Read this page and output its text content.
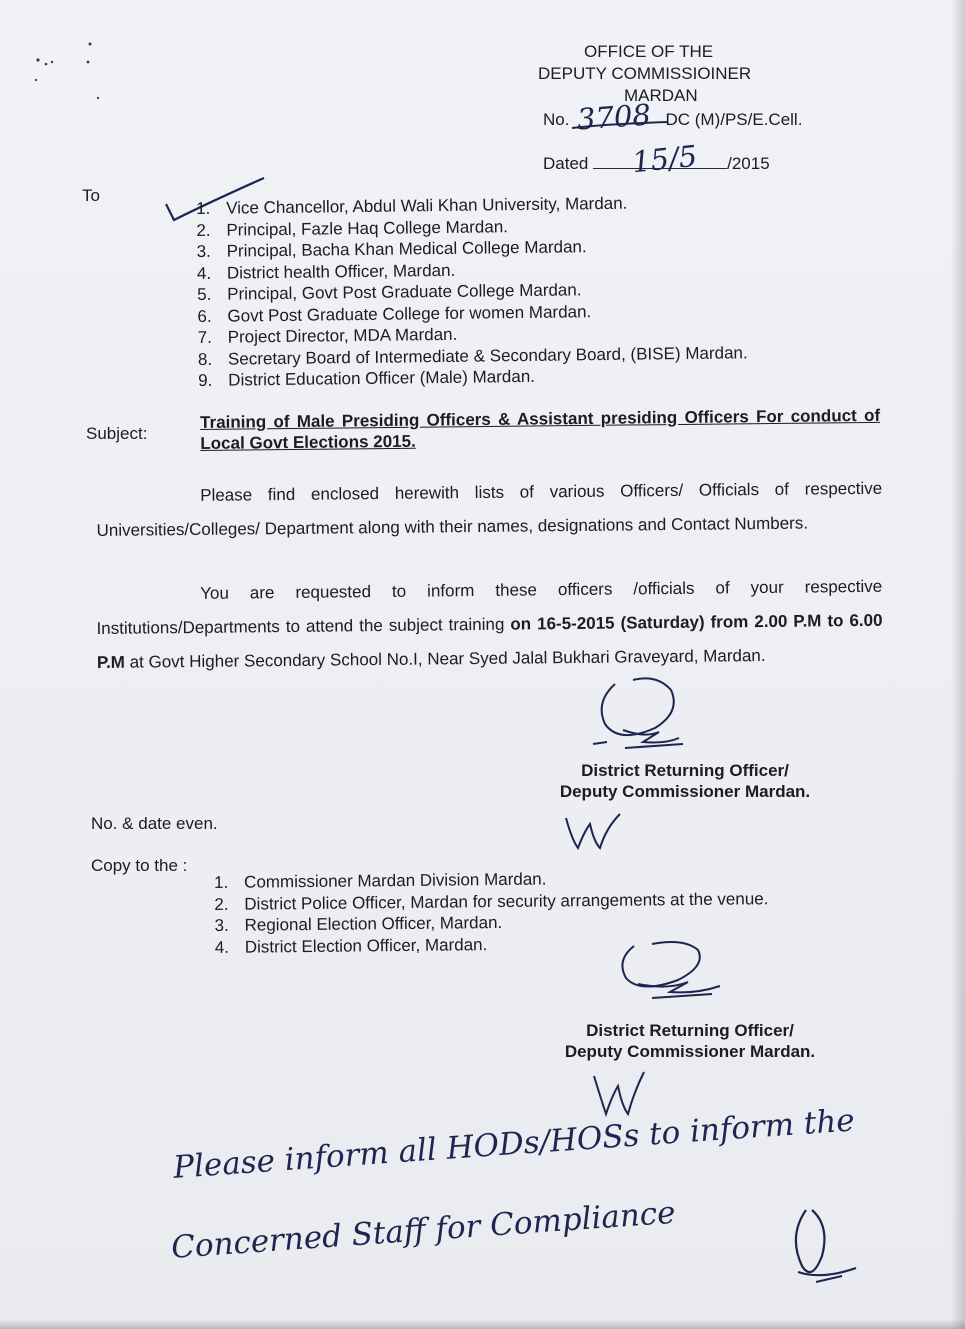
OFFICE OF THE
DEPUTY COMMISSIOINER
MARDAN
No.	DC (M)/PS/E.Cell.
3708
Dated	/2015
15/5
To
1. Vice Chancellor, Abdul Wali Khan University, Mardan.
2. Principal, Fazle Haq College Mardan.
3. Principal, Bacha Khan Medical College Mardan.
4. District health Officer, Mardan.
5. Principal, Govt Post Graduate College Mardan.
6. Govt Post Graduate College for women Mardan.
7. Project Director, MDA Mardan.
8. Secretary Board of Intermediate & Secondary Board, (BISE) Mardan.
9. District Education Officer (Male) Mardan.
Subject:
Training of Male Presiding Officers & Assistant presiding Officers For conduct of Local Govt Elections 2015.
Please find enclosed herewith lists of various Officers/ Officials of respective Universities/Colleges/ Department along with their names, designations and Contact Numbers.
You are requested to inform these officers /officials of your respective Institutions/Departments to attend the subject training on 16-5-2015 (Saturday) from 2.00 P.M to 6.00 P.M at Govt Higher Secondary School No.I, Near Syed Jalal Bukhari Graveyard, Mardan.
District Returning Officer/
Deputy Commissioner Mardan.
No. & date even.
Copy to the :
1. Commissioner Mardan Division Mardan.
2. District Police Officer, Mardan for security arrangements at the venue.
3. Regional Election Officer, Mardan.
4. District Election Officer, Mardan.
District Returning Officer/
Deputy Commissioner Mardan.
Please inform all HODs/HOSs to inform the
Concerned Staff for Compliance
